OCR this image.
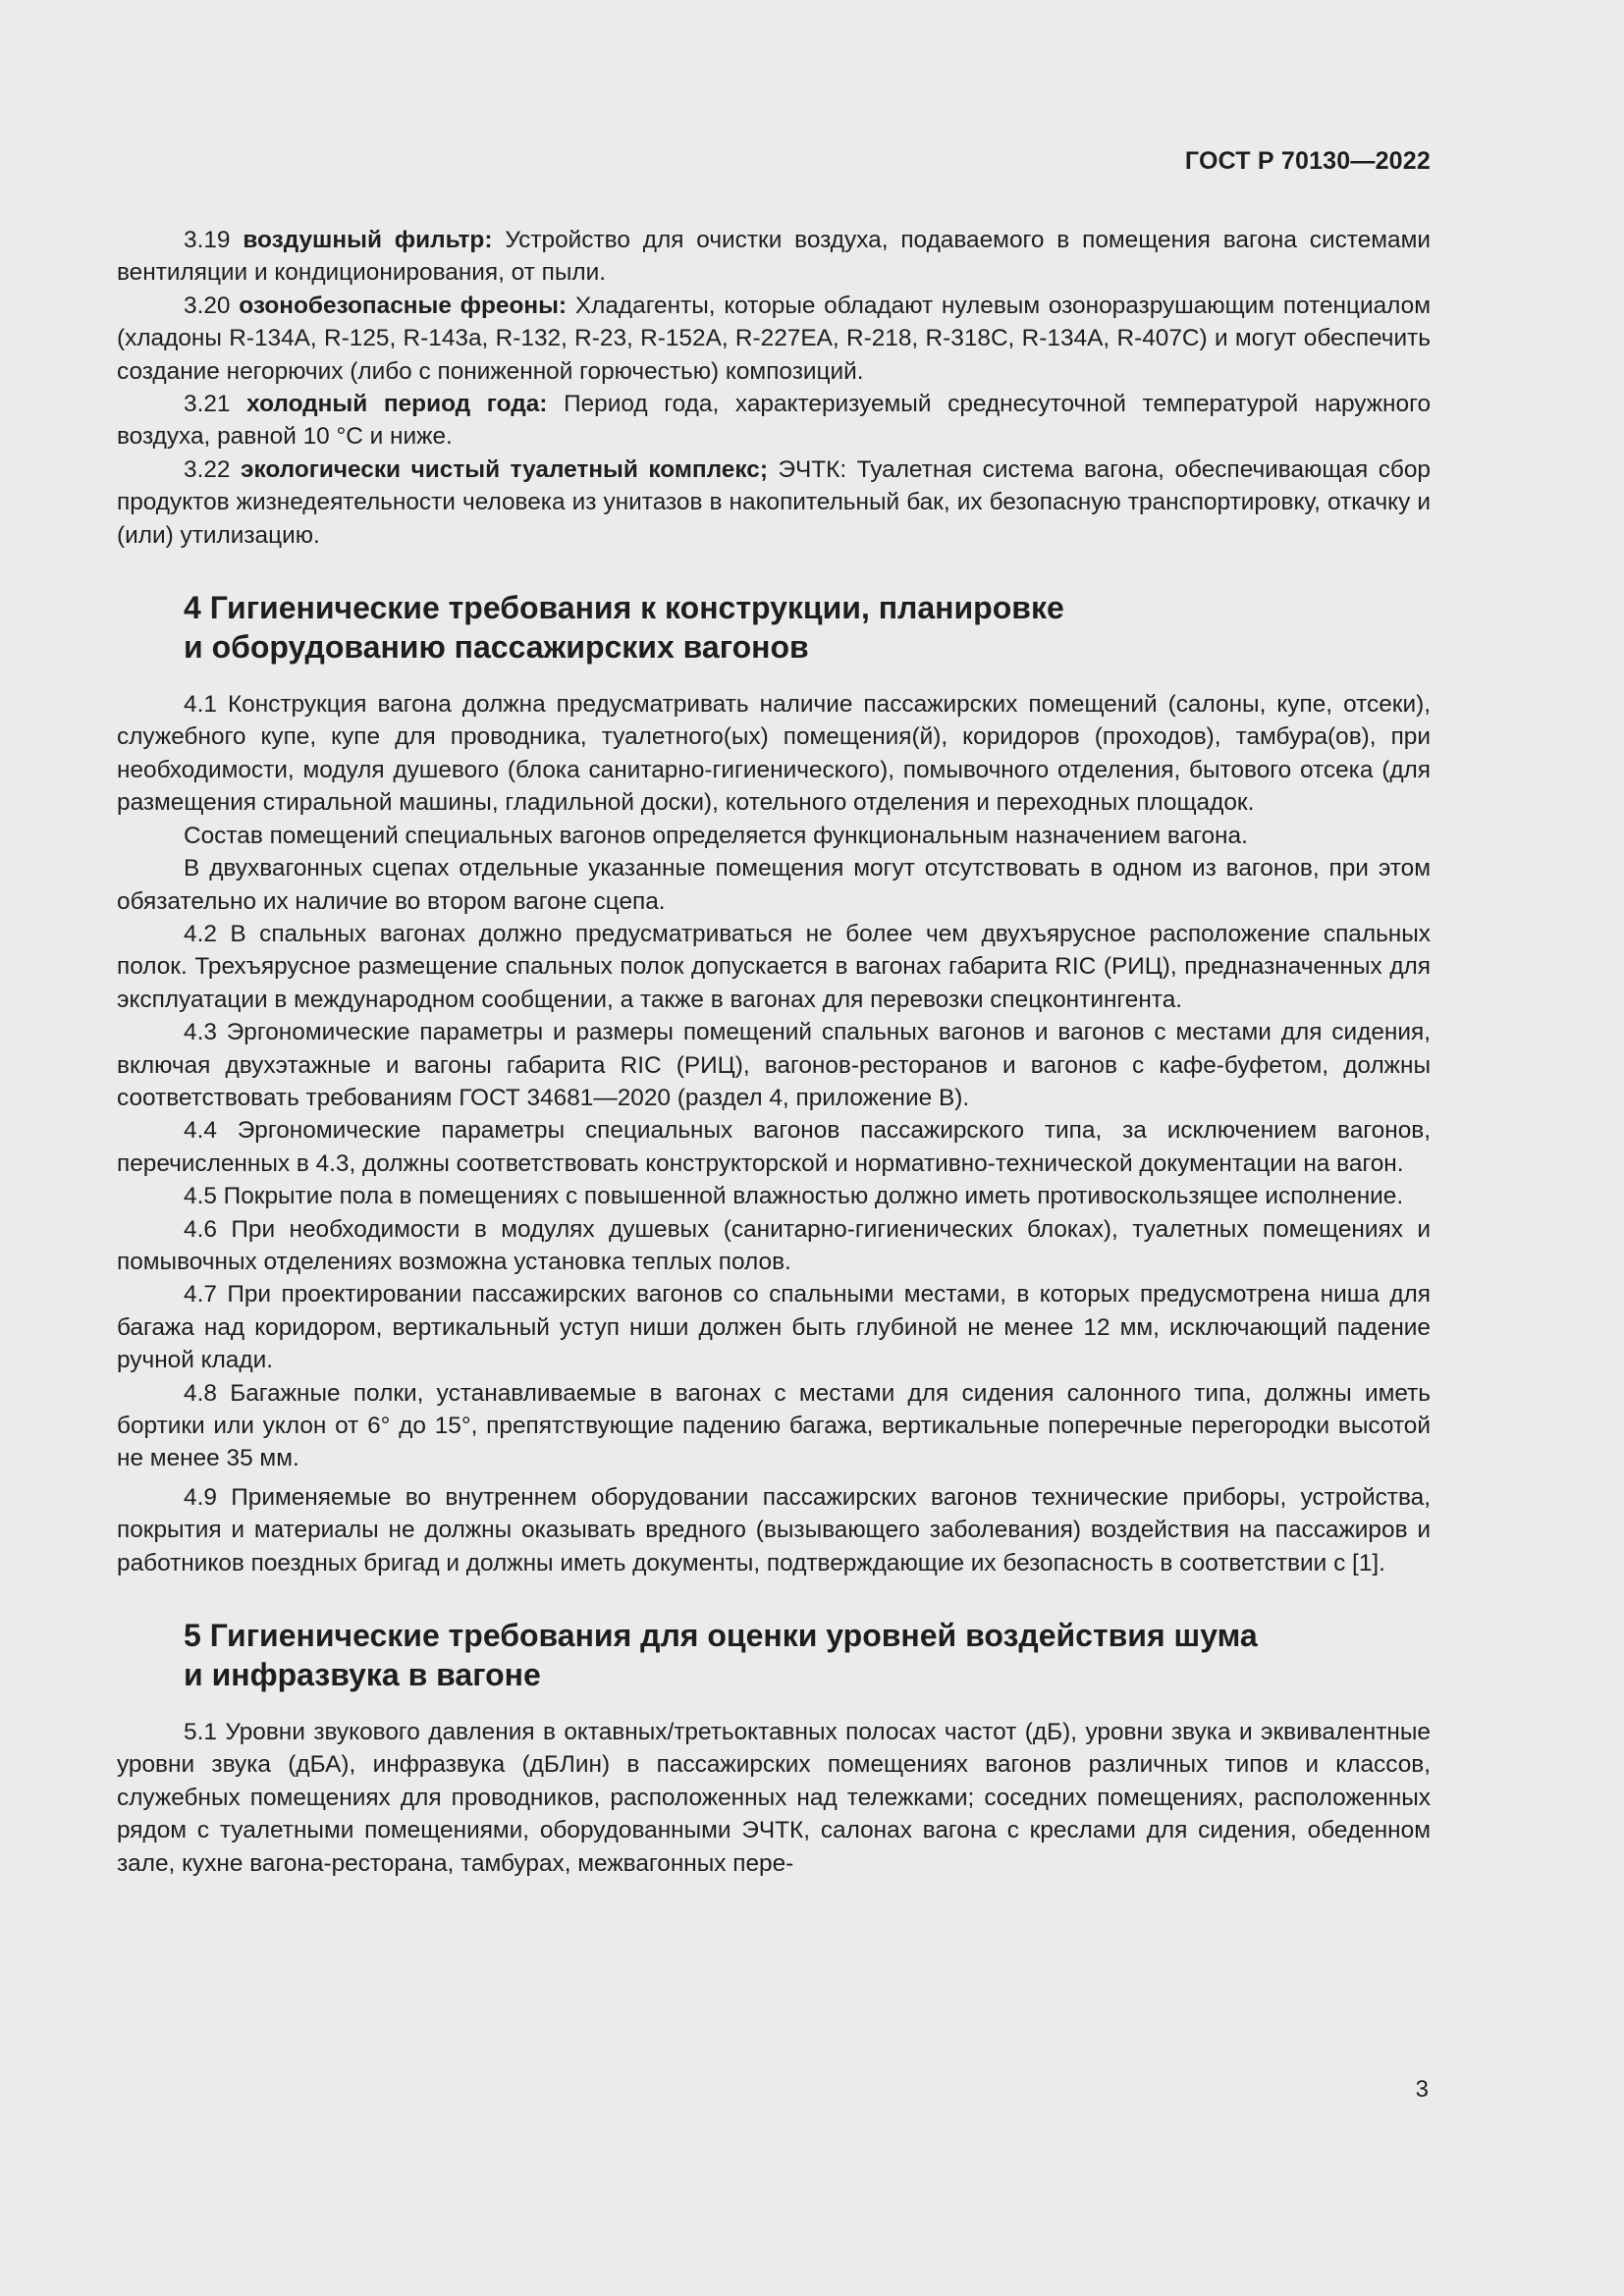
ГОСТ Р 70130—2022

3.19 воздушный фильтр: Устройство для очистки воздуха, подаваемого в помещения вагона системами вентиляции и кондиционирования, от пыли.

3.20 озонобезопасные фреоны: Хладагенты, которые обладают нулевым озоноразрушающим потенциалом (хладоны R-134A, R-125, R-143a, R-132, R-23, R-152A, R-227EA, R-218, R-318C, R-134A, R-407C) и могут обеспечить создание негорючих (либо с пониженной горючестью) композиций.

3.21 холодный период года: Период года, характеризуемый среднесуточной температурой наружного воздуха, равной 10 °С и ниже.

3.22 экологически чистый туалетный комплекс; ЭЧТК: Туалетная система вагона, обеспечивающая сбор продуктов жизнедеятельности человека из унитазов в накопительный бак, их безопасную транспортировку, откачку и (или) утилизацию.

4 Гигиенические требования к конструкции, планировке
и оборудованию пассажирских вагонов

4.1 Конструкция вагона должна предусматривать наличие пассажирских помещений (салоны, купе, отсеки), служебного купе, купе для проводника, туалетного(ых) помещения(й), коридоров (проходов), тамбура(ов), при необходимости, модуля душевого (блока санитарно-гигиенического), помывочного отделения, бытового отсека (для размещения стиральной машины, гладильной доски), котельного отделения и переходных площадок.

Состав помещений специальных вагонов определяется функциональным назначением вагона.

В двухвагонных сцепах отдельные указанные помещения могут отсутствовать в одном из вагонов, при этом обязательно их наличие во втором вагоне сцепа.

4.2 В спальных вагонах должно предусматриваться не более чем двухъярусное расположение спальных полок. Трехъярусное размещение спальных полок допускается в вагонах габарита RIC (РИЦ), предназначенных для эксплуатации в международном сообщении, а также в вагонах для перевозки спецконтингента.

4.3 Эргономические параметры и размеры помещений спальных вагонов и вагонов с местами для сидения, включая двухэтажные и вагоны габарита RIC (РИЦ), вагонов-ресторанов и вагонов с кафе-буфетом, должны соответствовать требованиям ГОСТ 34681—2020 (раздел 4, приложение В).

4.4 Эргономические параметры специальных вагонов пассажирского типа, за исключением вагонов, перечисленных в 4.3, должны соответствовать конструкторской и нормативно-технической документации на вагон.

4.5 Покрытие пола в помещениях с повышенной влажностью должно иметь противоскользящее исполнение.

4.6 При необходимости в модулях душевых (санитарно-гигиенических блоках), туалетных помещениях и помывочных отделениях возможна установка теплых полов.

4.7 При проектировании пассажирских вагонов со спальными местами, в которых предусмотрена ниша для багажа над коридором, вертикальный уступ ниши должен быть глубиной не менее 12 мм, исключающий падение ручной клади.

4.8 Багажные полки, устанавливаемые в вагонах с местами для сидения салонного типа, должны иметь бортики или уклон от 6° до 15°, препятствующие падению багажа, вертикальные поперечные перегородки высотой не менее 35 мм.

4.9 Применяемые во внутреннем оборудовании пассажирских вагонов технические приборы, устройства, покрытия и материалы не должны оказывать вредного (вызывающего заболевания) воздействия на пассажиров и работников поездных бригад и должны иметь документы, подтверждающие их безопасность в соответствии с [1].

5 Гигиенические требования для оценки уровней воздействия шума
и инфразвука в вагоне

5.1 Уровни звукового давления в октавных/третьоктавных полосах частот (дБ), уровни звука и эквивалентные уровни звука (дБА), инфразвука (дБЛин) в пассажирских помещениях вагонов различных типов и классов, служебных помещениях для проводников, расположенных над тележками; соседних помещениях, расположенных рядом с туалетными помещениями, оборудованными ЭЧТК, салонах вагона с креслами для сидения, обеденном зале, кухне вагона-ресторана, тамбурах, межвагонных пере-

3
